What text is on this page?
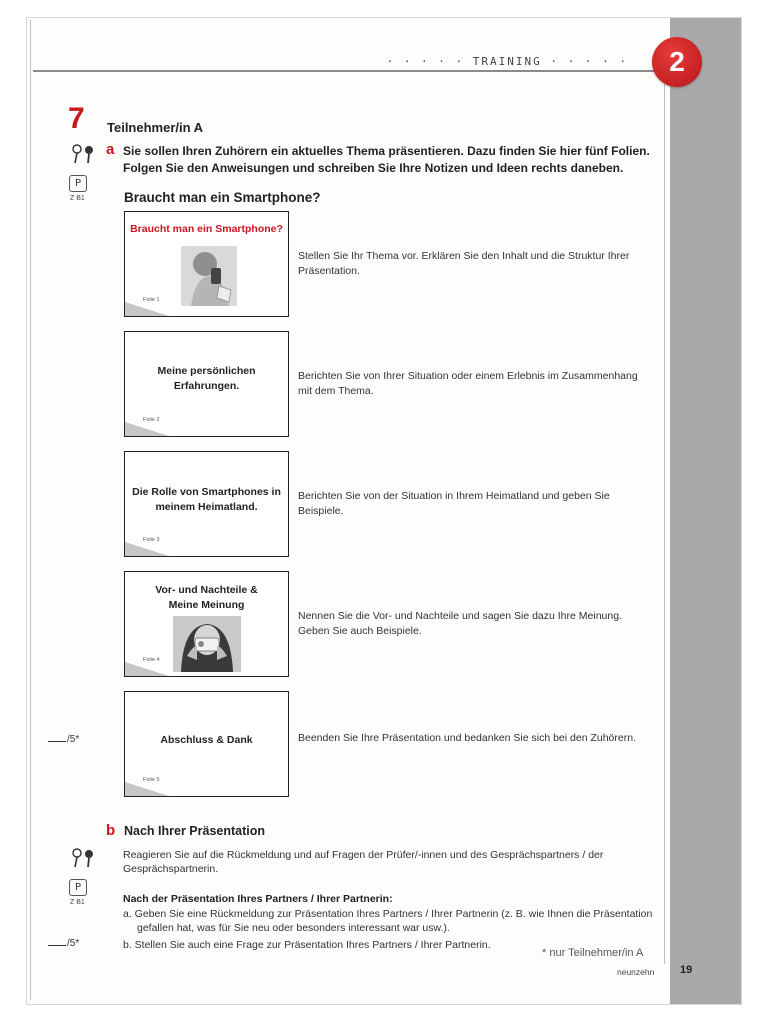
· · · · · TRAINING · · · · ·	2
7 Teilnehmer/in A
a
P
Z B1
Sie sollen Ihren Zuhörern ein aktuelles Thema präsentieren. Dazu finden Sie hier fünf Folien. Folgen Sie den Anweisungen und schreiben Sie Ihre Notizen und Ideen rechts daneben.
Braucht man ein Smartphone?
Braucht man ein Smartphone?
Folie 1
Stellen Sie Ihr Thema vor. Erklären Sie den Inhalt und die Struktur Ihrer Präsentation.
Meine persönlichen Erfahrungen.
Folie 2
Berichten Sie von Ihrer Situation oder einem Erlebnis im Zusammenhang mit dem Thema.
Die Rolle von Smartphones in meinem Heimatland.
Folie 3
Berichten Sie von der Situation in Ihrem Heimatland und geben Sie Beispiele.
Vor- und Nachteile & Meine Meinung
Folie 4
Nennen Sie die Vor- und Nachteile und sagen Sie dazu Ihre Meinung. Geben Sie auch Beispiele.
Abschluss & Dank
Folie 5
Beenden Sie Ihre Präsentation und bedanken Sie sich bei den Zuhörern.
/5*
b Nach Ihrer Präsentation
P
Z B1
Reagieren Sie auf die Rückmeldung und auf Fragen der Prüfer/-innen und des Gesprächspartners / der Gesprächspartnerin.
Nach der Präsentation Ihres Partners / Ihrer Partnerin:
a. Geben Sie eine Rückmeldung zur Präsentation Ihres Partners / Ihrer Partnerin (z. B. wie Ihnen die Präsentation gefallen hat, was für Sie neu oder besonders interessant war usw.).
b. Stellen Sie auch eine Frage zur Präsentation Ihres Partners / Ihrer Partnerin.
/5*
* nur Teilnehmer/in A
neunzehn 19
